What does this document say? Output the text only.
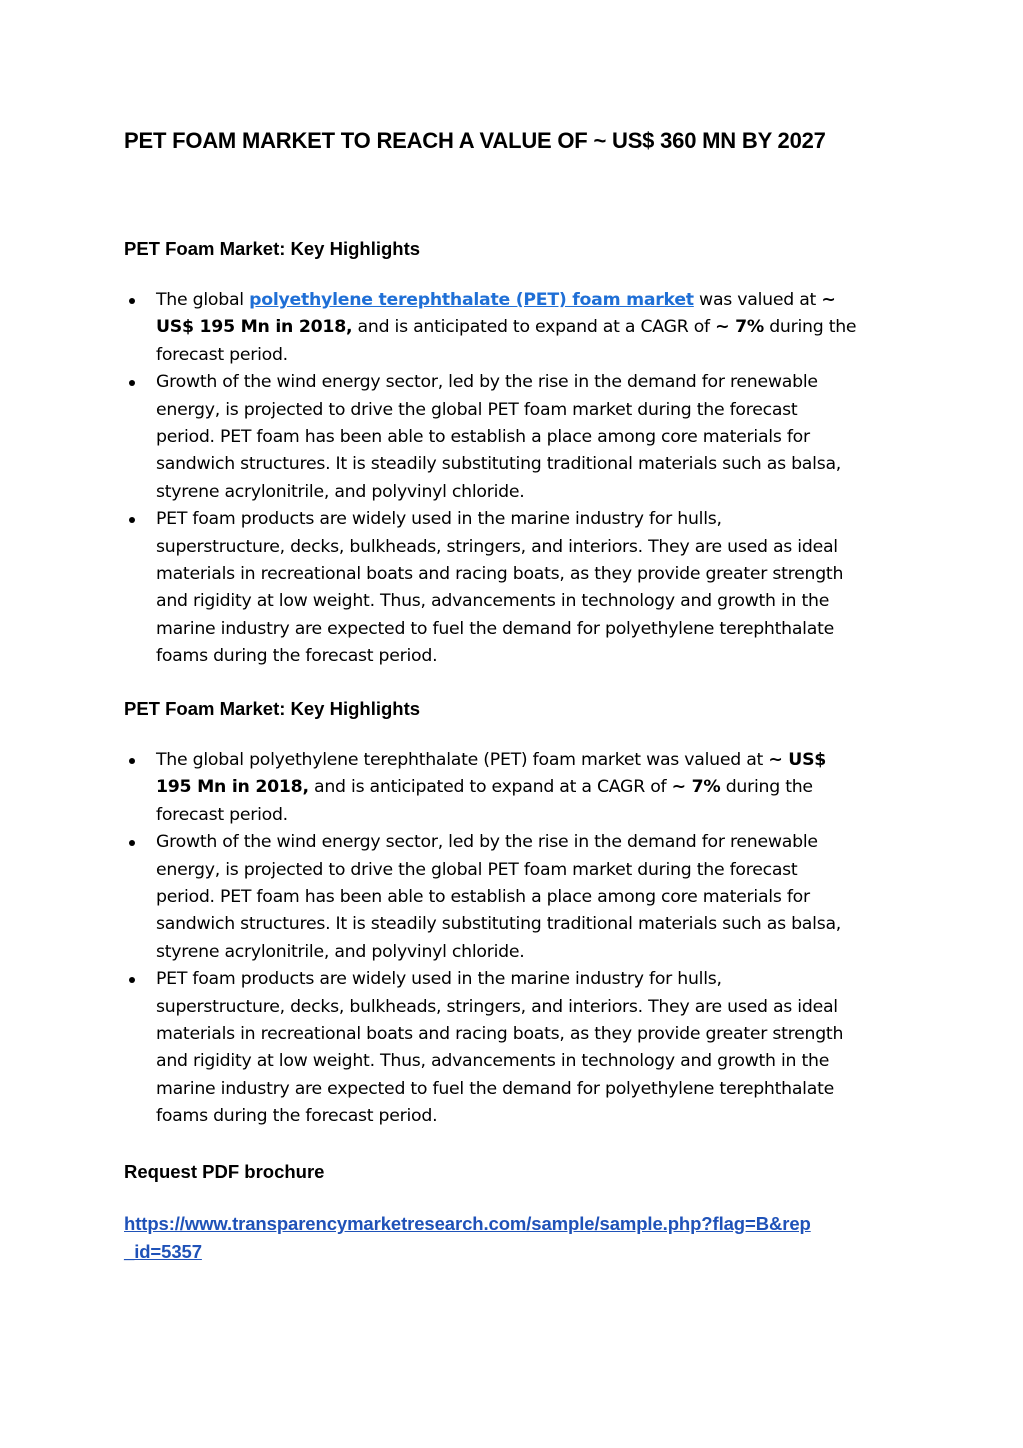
PET FOAM MARKET TO REACH A VALUE OF ~ US$ 360 MN BY 2027
PET Foam Market: Key Highlights
The global polyethylene terephthalate (PET) foam market was valued at ~
US$ 195 Mn in 2018, and is anticipated to expand at a CAGR of ~ 7% during the
forecast period.
Growth of the wind energy sector, led by the rise in the demand for renewable
energy, is projected to drive the global PET foam market during the forecast
period. PET foam has been able to establish a place among core materials for
sandwich structures. It is steadily substituting traditional materials such as balsa,
styrene acrylonitrile, and polyvinyl chloride.
PET foam products are widely used in the marine industry for hulls,
superstructure, decks, bulkheads, stringers, and interiors. They are used as ideal
materials in recreational boats and racing boats, as they provide greater strength
and rigidity at low weight. Thus, advancements in technology and growth in the
marine industry are expected to fuel the demand for polyethylene terephthalate
foams during the forecast period.
PET Foam Market: Key Highlights
The global polyethylene terephthalate (PET) foam market was valued at ~ US$
195 Mn in 2018, and is anticipated to expand at a CAGR of ~ 7% during the
forecast period.
Growth of the wind energy sector, led by the rise in the demand for renewable
energy, is projected to drive the global PET foam market during the forecast
period. PET foam has been able to establish a place among core materials for
sandwich structures. It is steadily substituting traditional materials such as balsa,
styrene acrylonitrile, and polyvinyl chloride.
PET foam products are widely used in the marine industry for hulls,
superstructure, decks, bulkheads, stringers, and interiors. They are used as ideal
materials in recreational boats and racing boats, as they provide greater strength
and rigidity at low weight. Thus, advancements in technology and growth in the
marine industry are expected to fuel the demand for polyethylene terephthalate
foams during the forecast period.
Request PDF brochure
https://www.transparencymarketresearch.com/sample/sample.php?flag=B&rep
_id=5357
